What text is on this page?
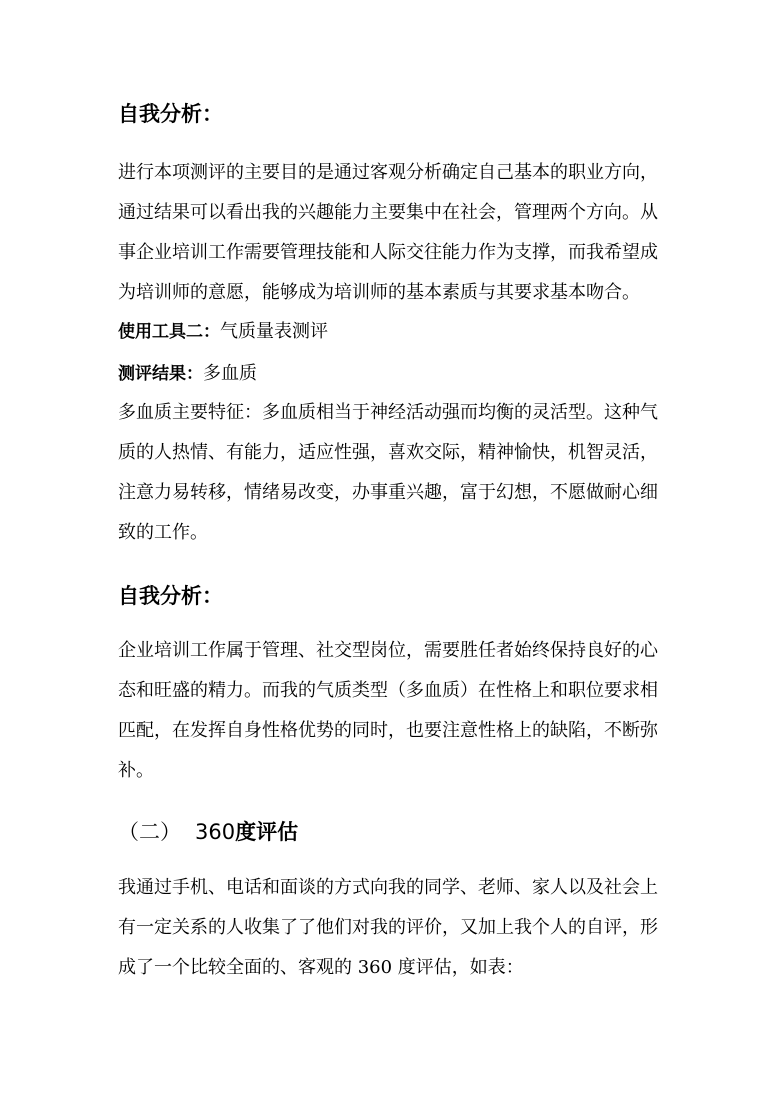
自我分析：
进行本项测评的主要目的是通过客观分析确定自己基本的职业方向，
通过结果可以看出我的兴趣能力主要集中在社会，管理两个方向。从
事企业培训工作需要管理技能和人际交往能力作为支撑，而我希望成
为培训师的意愿，能够成为培训师的基本素质与其要求基本吻合。
使用工具二：气质量表测评
测评结果：多血质
多血质主要特征：多血质相当于神经活动强而均衡的灵活型。这种气
质的人热情、有能力，适应性强，喜欢交际，精神愉快，机智灵活，
注意力易转移，情绪易改变，办事重兴趣，富于幻想，不愿做耐心细
致的工作。
自我分析：
企业培训工作属于管理、社交型岗位，需要胜任者始终保持良好的心
态和旺盛的精力。而我的气质类型（多血质）在性格上和职位要求相
匹配，在发挥自身性格优势的同时，也要注意性格上的缺陷，不断弥
补。
（二） 360度评估
我通过手机、电话和面谈的方式向我的同学、老师、家人以及社会上
有一定关系的人收集了了他们对我的评价，又加上我个人的自评，形
成了一个比较全面的、客观的 360 度评估，如表：
